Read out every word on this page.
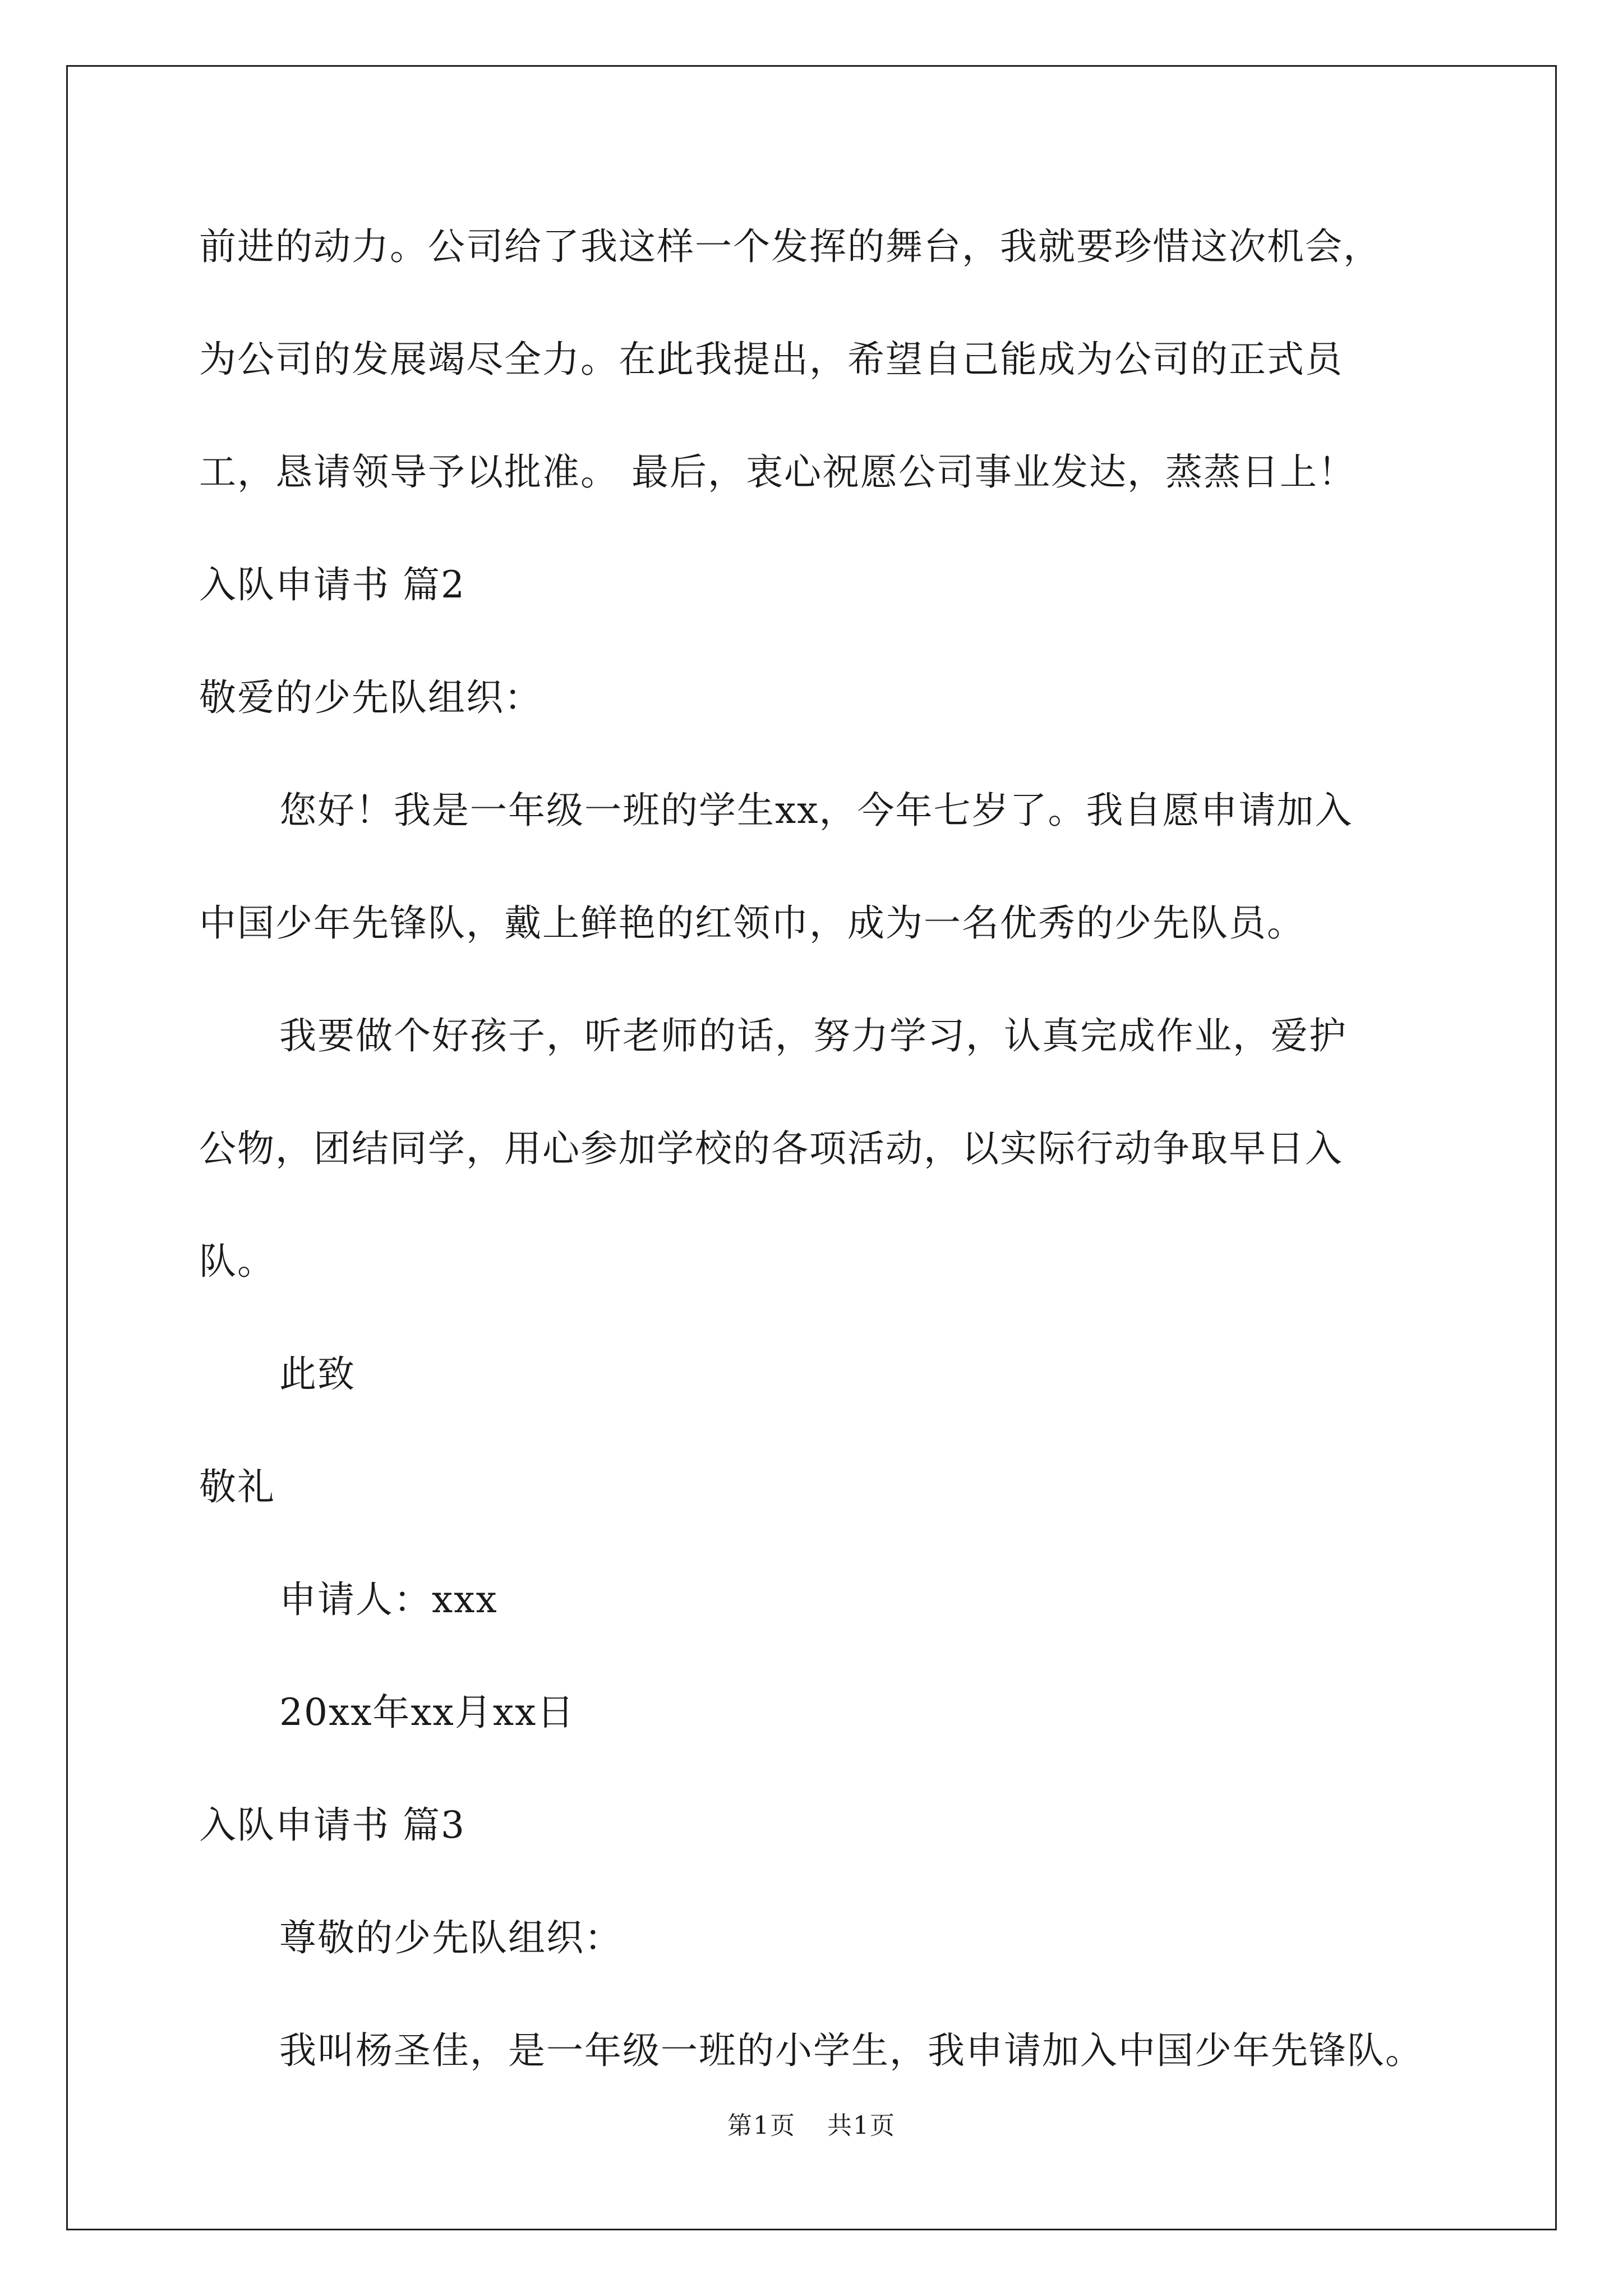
前进的动力。公司给了我这样一个发挥的舞台，我就要珍惜这次机会，
为公司的发展竭尽全力。在此我提出，希望自己能成为公司的正式员
工，恳请领导予以批准。 最后，衷心祝愿公司事业发达，蒸蒸日上！
入队申请书 篇2
敬爱的少先队组织：
您好！我是一年级一班的学生xx，今年七岁了。我自愿申请加入
中国少年先锋队，戴上鲜艳的红领巾，成为一名优秀的少先队员。
我要做个好孩子，听老师的话，努力学习，认真完成作业，爱护
公物，团结同学，用心参加学校的各项活动，以实际行动争取早日入
队。
此致
敬礼
申请人：xxx
20xx年xx月xx日
入队申请书 篇3
尊敬的少先队组织：
我叫杨圣佳，是一年级一班的小学生，我申请加入中国少年先锋队。
第1页 共1页
